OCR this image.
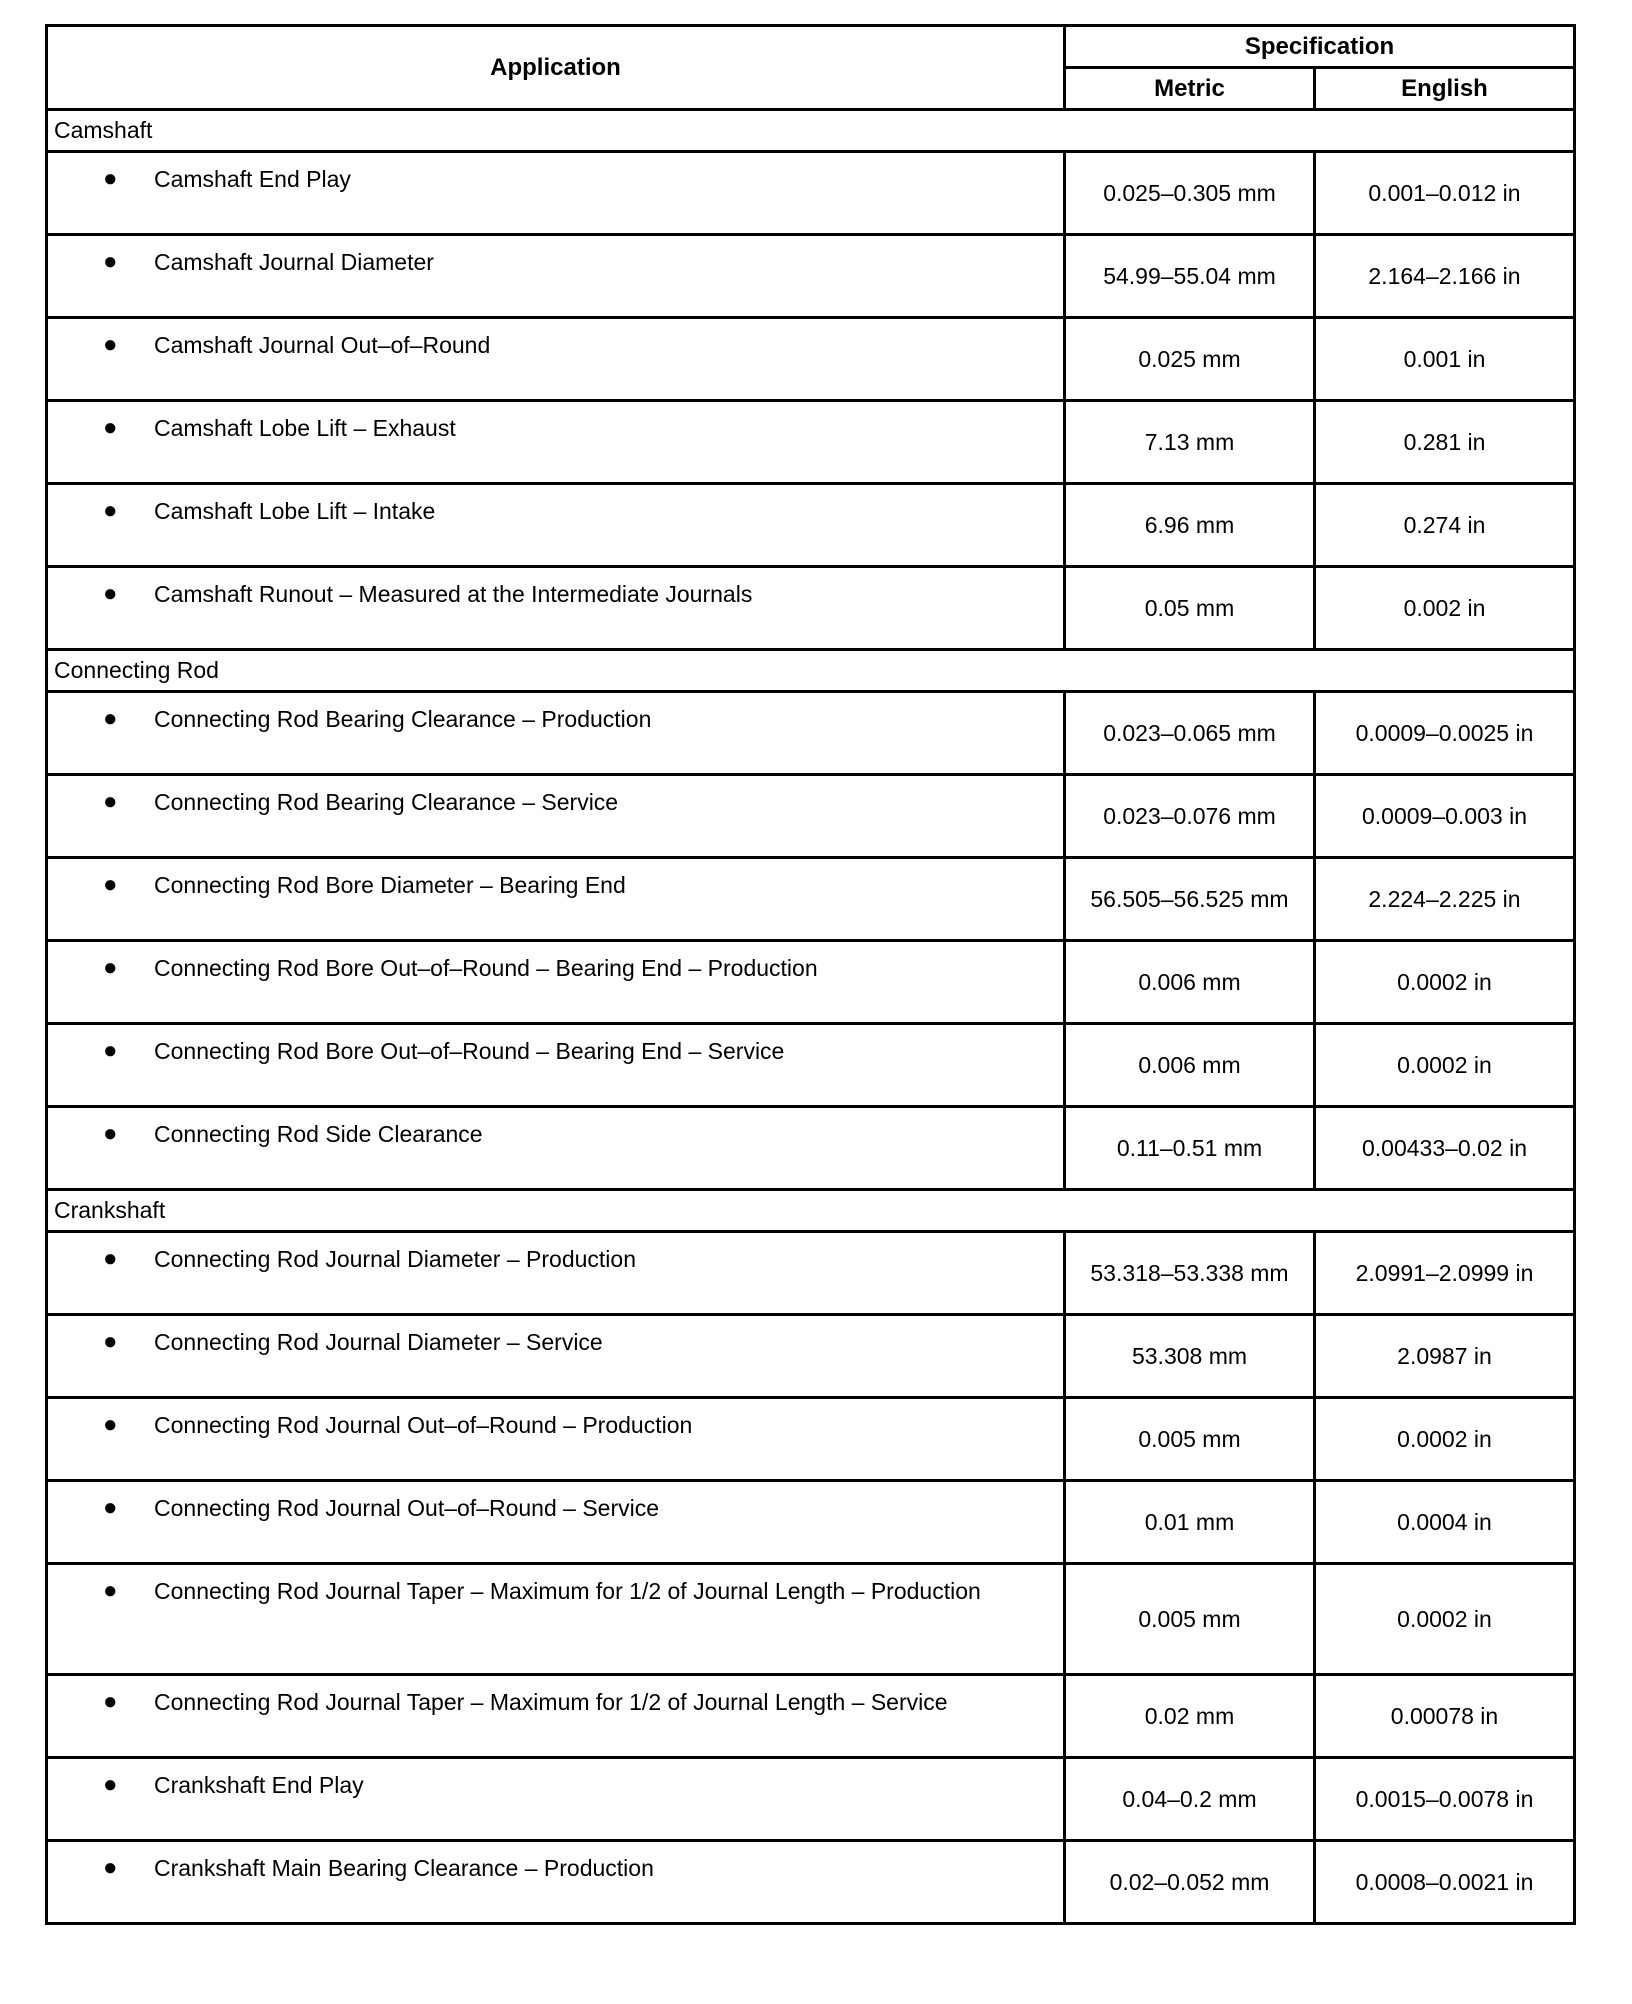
Application	Specification	
	Metric	English
Camshaft		

● Camshaft End Play	0.025–0.305 mm	0.001–0.012 in

● Camshaft Journal Diameter	54.99–55.04 mm	2.164–2.166 in

● Camshaft Journal Out–of–Round	0.025 mm	0.001 in

● Camshaft Lobe Lift – Exhaust	7.13 mm	0.281 in

● Camshaft Lobe Lift – Intake	6.96 mm	0.274 in

● Camshaft Runout – Measured at the Intermediate Journals	0.05 mm	0.002 in
Connecting Rod		

● Connecting Rod Bearing Clearance – Production	0.023–0.065 mm	0.0009–0.0025 in

● Connecting Rod Bearing Clearance – Service	0.023–0.076 mm	0.0009–0.003 in

● Connecting Rod Bore Diameter – Bearing End	56.505–56.525 mm	2.224–2.225 in

● Connecting Rod Bore Out–of–Round – Bearing End – Production	0.006 mm	0.0002 in

● Connecting Rod Bore Out–of–Round – Bearing End – Service	0.006 mm	0.0002 in

● Connecting Rod Side Clearance	0.11–0.51 mm	0.00433–0.02 in
Crankshaft		

● Connecting Rod Journal Diameter – Production	53.318–53.338 mm	2.0991–2.0999 in

● Connecting Rod Journal Diameter – Service	53.308 mm	2.0987 in

● Connecting Rod Journal Out–of–Round – Production	0.005 mm	0.0002 in

● Connecting Rod Journal Out–of–Round – Service	0.01 mm	0.0004 in

● Connecting Rod Journal Taper – Maximum for 1/2 of Journal Length – Production	0.005 mm	0.0002 in

● Connecting Rod Journal Taper – Maximum for 1/2 of Journal Length – Service	0.02 mm	0.00078 in

● Crankshaft End Play	0.04–0.2 mm	0.0015–0.0078 in

● Crankshaft Main Bearing Clearance – Production	0.02–0.052 mm	0.0008–0.0021 in
